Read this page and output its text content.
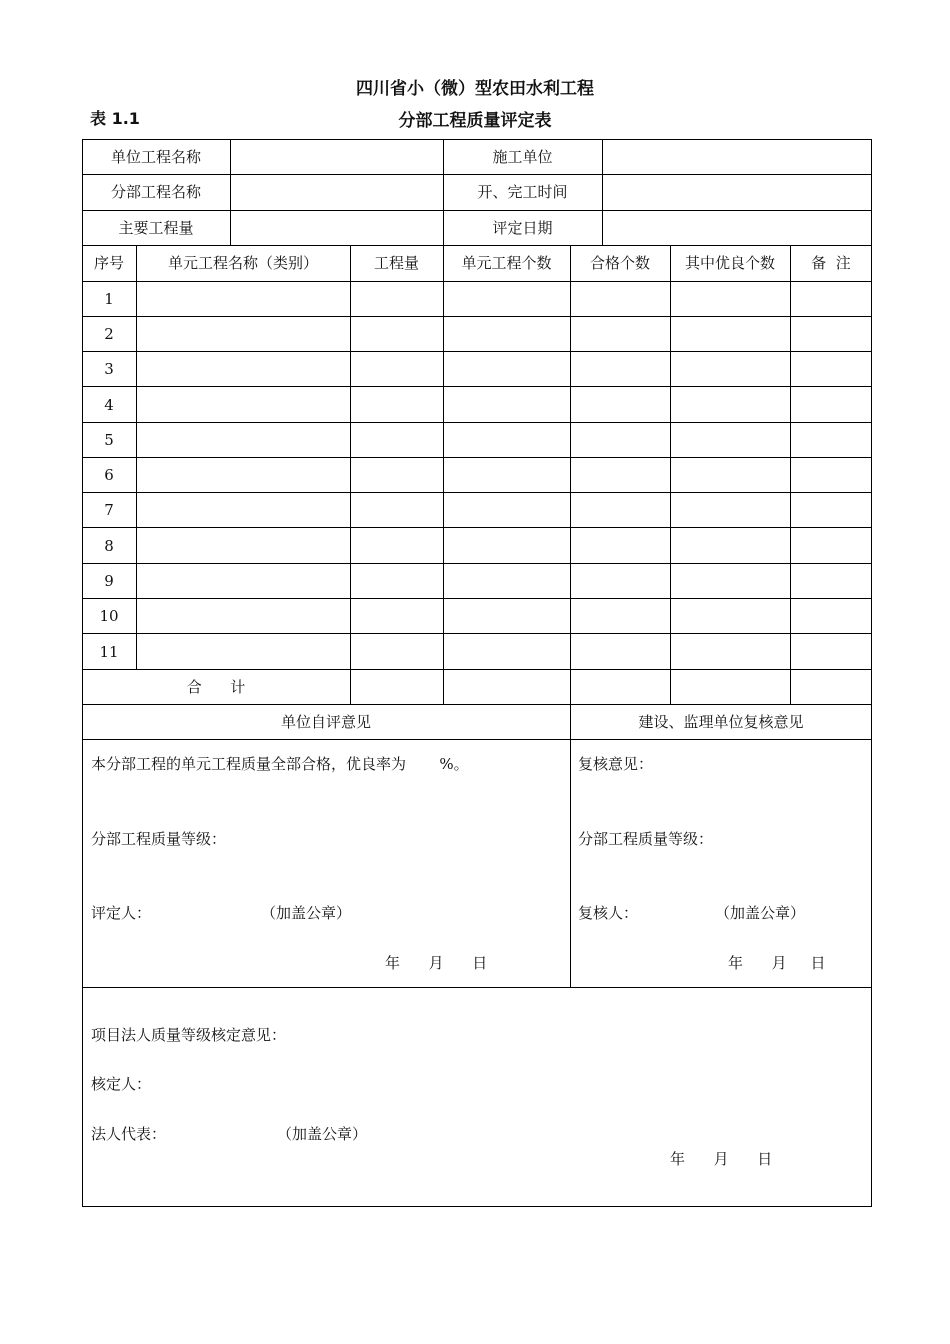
四川省小（微）型农田水利工程
表 1.1	分部工程质量评定表
单位工程名称	施工单位
分部工程名称	开、完工时间
主要工程量	评定日期
序号	单元工程名称（类别）	工程量	单元工程个数	合格个数	其中优良个数	备  注
1
2
3
4
5
6
7
8
9
10
11
合      计
单位自评意见	建设、监理单位复核意见
本分部工程的单元工程质量全部合格，优良率为       %。
分部工程质量等级：
评定人：	（加盖公章）
年      月      日
复核意见：
分部工程质量等级：
复核人：	（加盖公章）
年      月     日
项目法人质量等级核定意见：
核定人：
法人代表：	（加盖公章）
年      月      日
